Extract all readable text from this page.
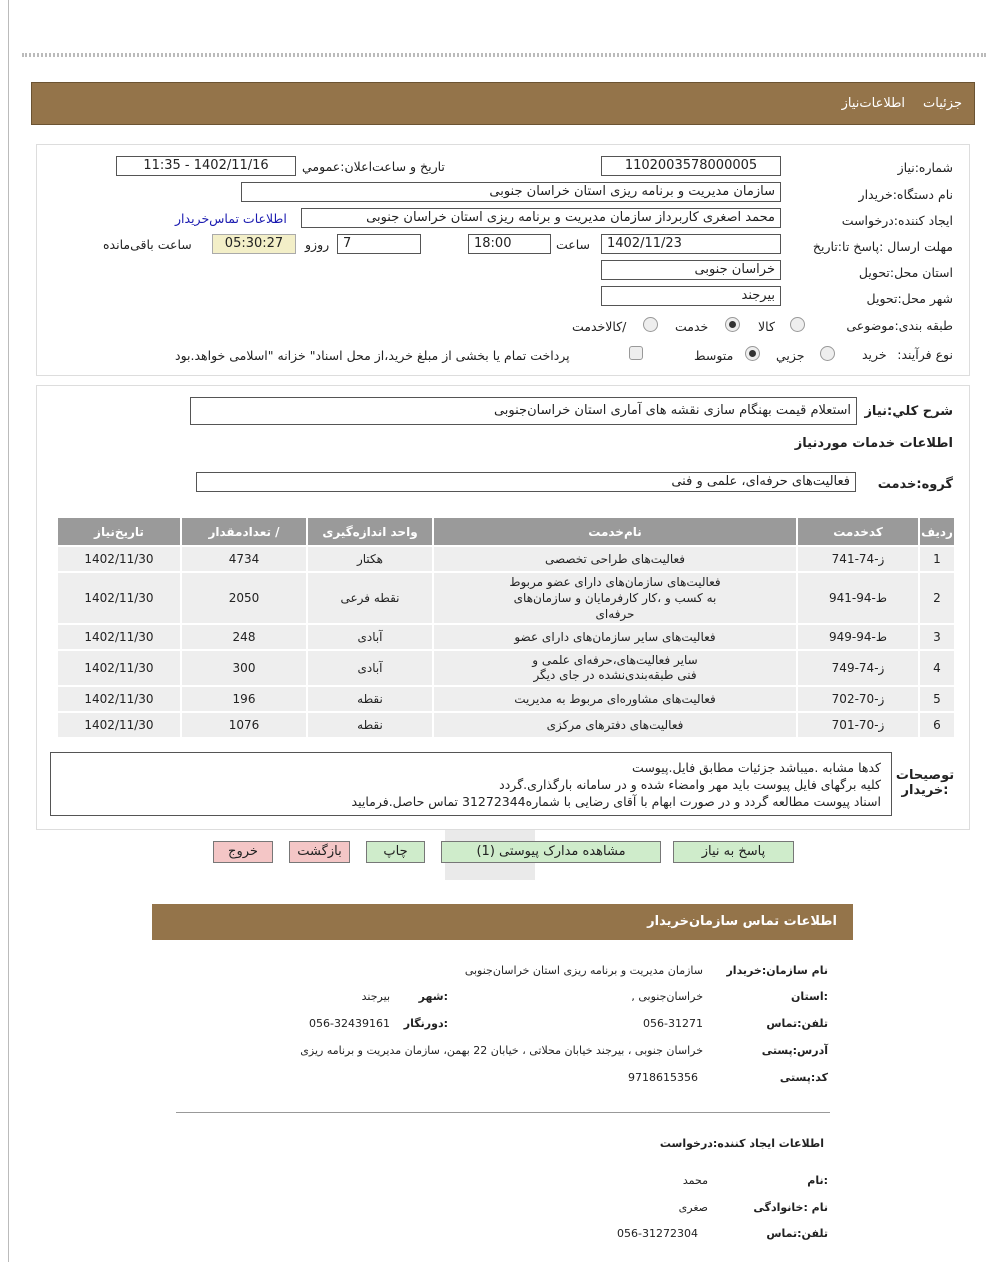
جزئیات
اطلاعات‌نیاز
شماره:نیاز
1102003578000005
تاریخ و ساعت‌اعلان:عمومي
1402/11/16 - 11:35
نام دستگاه:خریدار
سازمان مدیریت و برنامه ریزی استان خراسان جنوبی
ایجاد کننده:درخواست
محمد اصغری کاربرداز سازمان مدیریت و برنامه ریزی استان خراسان جنوبی
اطلاعات تماس‌خریدار
مهلت ارسال :پاسخ تا:تاریخ
1402/11/23
ساعت
18:00
7
روزو
05:30:27
ساعت باقی‌مانده
استان محل:تحویل
خراسان جنوبی
شهر محل:تحویل
بیرجند
طبقه بندی:موضوعی
کالا
خدمت
/کالاخدمت
نوع فرآیند:
خرید
جزیي
متوسط
پرداخت تمام یا بخشی از مبلغ خرید،از محل اسناد" خزانه "اسلامی خواهد.بود
شرح کلي:نیاز
استعلام قیمت بهنگام سازی نقشه های آماری استان خراسان‌جنوبی
اطلاعات خدمات موردنیاز
گروه:خدمت
فعالیت‌های حرفه‌ای، علمی و فنی
ردیف	کدخدمت	نام‌خدمت	واحد اندازه‌گیری	/ تعدادمقدار	تاریخ‌نیاز
1	ز-74-741	فعالیت‌های طراحی تخصصی	هکتار	4734	1402/11/30
2	ط-94-941	فعالیت‌های سازمان‌های دارای عضو مربوط به کسب و ،کار کارفرمایان و سازمان‌های حرفه‌ای	نقطه فرعی	2050	1402/11/30
3	ط-94-949	فعالیت‌های سایر سازمان‌های دارای عضو	آبادی	248	1402/11/30
4	ز-74-749	سایر فعالیت‌های،حرفه‌ای علمی و فنی طبقه‌بندی‌نشده در جای دیگر	آبادی	300	1402/11/30
5	ز-70-702	فعالیت‌های مشاوره‌ای مربوط به مدیریت	نقطه	196	1402/11/30
6	ز-70-701	فعالیت‌های دفترهای مرکزی	نقطه	1076	1402/11/30
توصیحات :خریدار
کدها مشابه .میباشد جزئیات مطابق فایل.پیوست
کلیه برگهای فایل پیوست باید مهر وامضاء شده و در سامانه بارگذاری.گردد
اسناد پیوست مطالعه گردد و در صورت ابهام با آقای رضایی با شماره31272344 تماس حاصل.فرمایید
پاسخ به نیاز
مشاهده مدارک پیوستی (1)
چاپ
بازگشت
خروج
اطلاعات تماس سازمان‌خریدار
نام سازمان:خریدار
سازمان مدیریت و برنامه ریزی استان خراسان‌جنوبی
:استان
خراسان‌جنوبی ,
:شهر
بیرجند
تلفن:تماس
056-31271
:دورنگار
056-32439161
آدرس:پستی
خراسان جنوبی ، بیرجند خیابان محلاتی ، خیابان 22 بهمن، سازمان مدیریت و برنامه ریزی
کد:پستی
9718615356
اطلاعات ایجاد کننده:درخواست
:نام
محمد
نام :خانوادگی
صغری
تلفن:تماس
056-31272304
